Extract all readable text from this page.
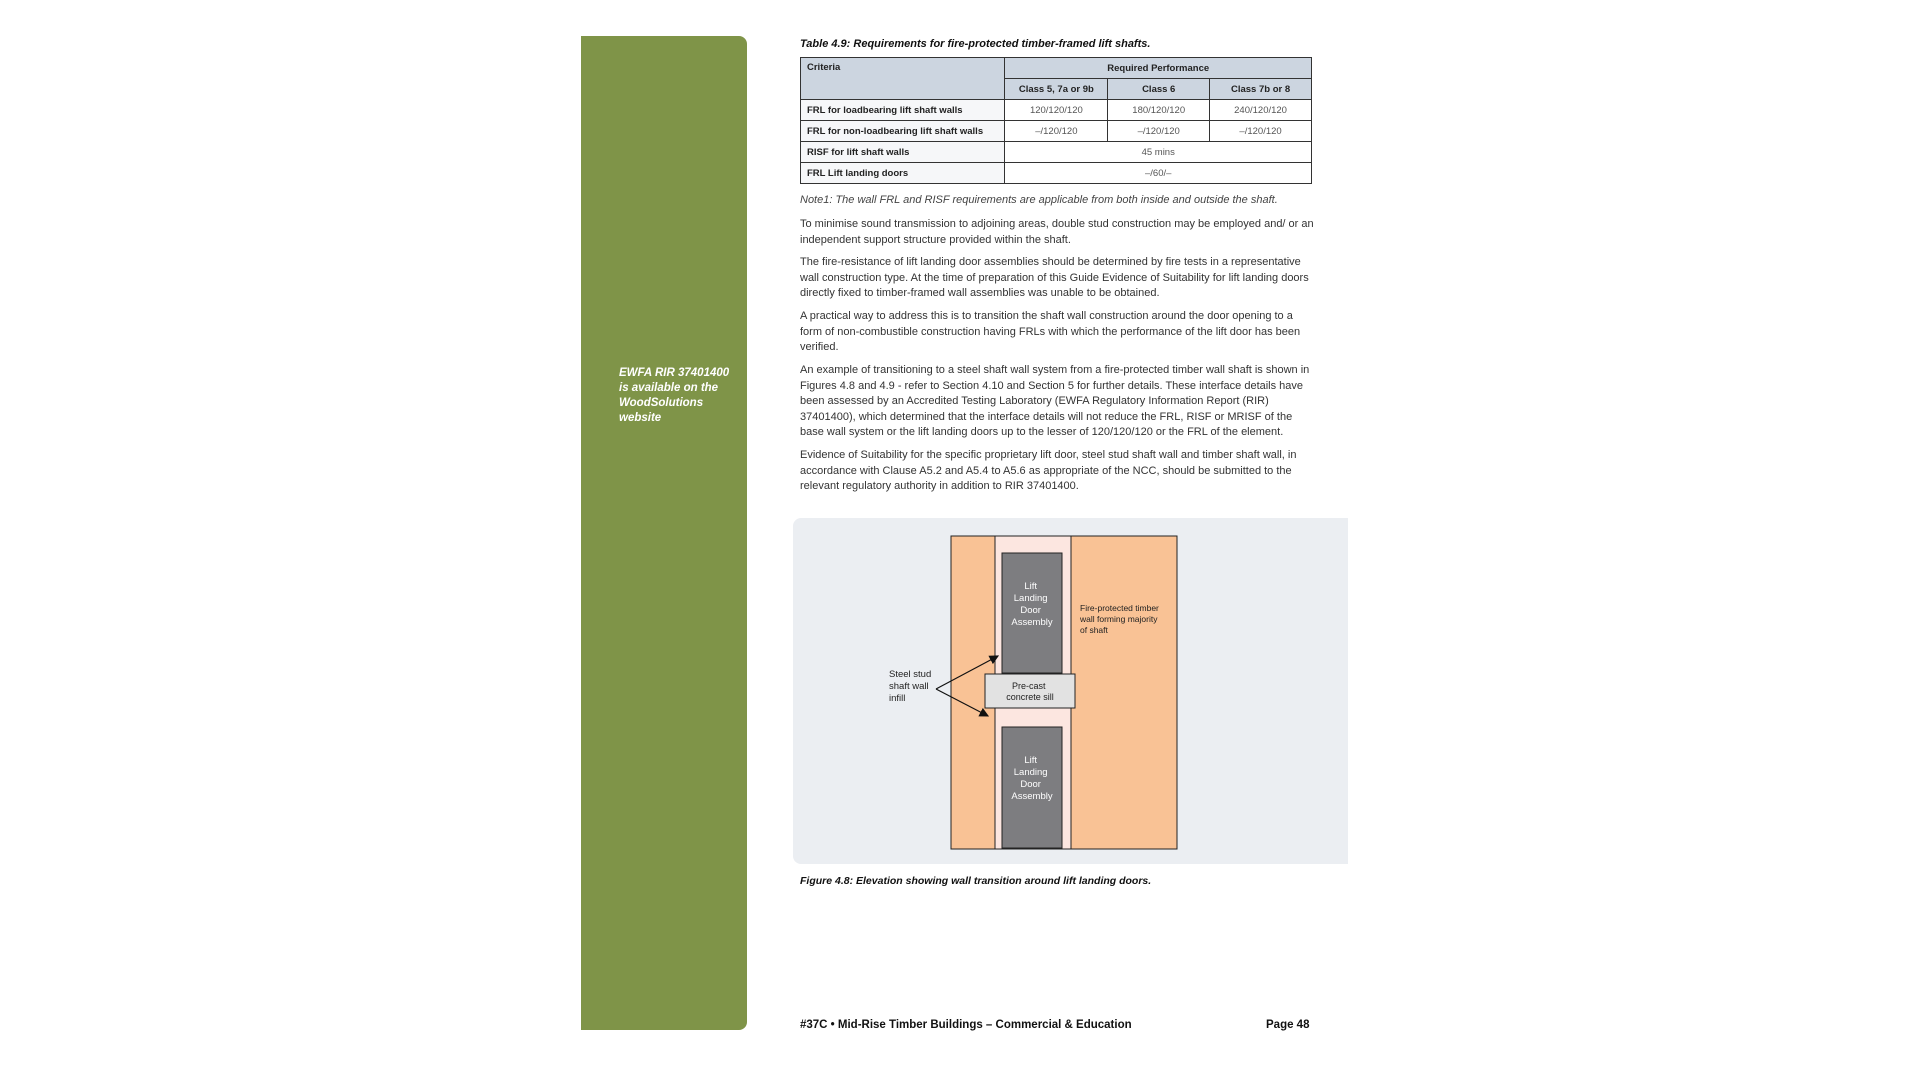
EWFA RIR 37401400 is available on the WoodSolutions website
Table 4.9: Requirements for fire-protected timber-framed lift shafts.
Criteria	Required Performance		
	Class 5, 7a or 9b	Class 6	Class 7b or 8
FRL for loadbearing lift shaft walls	120/120/120	180/120/120	240/120/120
FRL for non-loadbearing lift shaft walls	–/120/120	–/120/120	–/120/120
RISF for lift shaft walls	45 mins		
FRL Lift landing doors	–/60/–		
Note1: The wall FRL and RISF requirements are applicable from both inside and outside the shaft.

To minimise sound transmission to adjoining areas, double stud construction may be employed and/ or an independent support structure provided within the shaft.

The fire-resistance of lift landing door assemblies should be determined by fire tests in a representative wall construction type. At the time of preparation of this Guide Evidence of Suitability for lift landing doors directly fixed to timber-framed wall assemblies was unable to be obtained.

A practical way to address this is to transition the shaft wall construction around the door opening to a form of non-combustible construction having FRLs with which the performance of the lift door has been verified.

An example of transitioning to a steel shaft wall system from a fire-protected timber wall shaft is shown in Figures 4.8 and 4.9 - refer to Section 4.10 and Section 5 for further details. These interface details have been assessed by an Accredited Testing Laboratory (EWFA Regulatory Information Report (RIR) 37401400), which determined that the interface details will not reduce the FRL, RISF or MRISF of the base wall system or the lift landing doors up to the lesser of 120/120/120 or the FRL of the element.

Evidence of Suitability for the specific proprietary lift door, steel stud shaft wall and timber shaft wall, in accordance with Clause A5.2 and A5.4 to A5.6 as appropriate of the NCC, should be submitted to the relevant regulatory authority in addition to RIR 37401400.

Lift Landing Door Assembly
Lift Landing Door Assembly
Pre-cast concrete sill
Fire-protected timber wall forming majority of shaft
Steel stud shaft wall infill
Figure 4.8: Elevation showing wall transition around lift landing doors.
#37C • Mid-Rise Timber Buildings – Commercial & Education	Page 48
